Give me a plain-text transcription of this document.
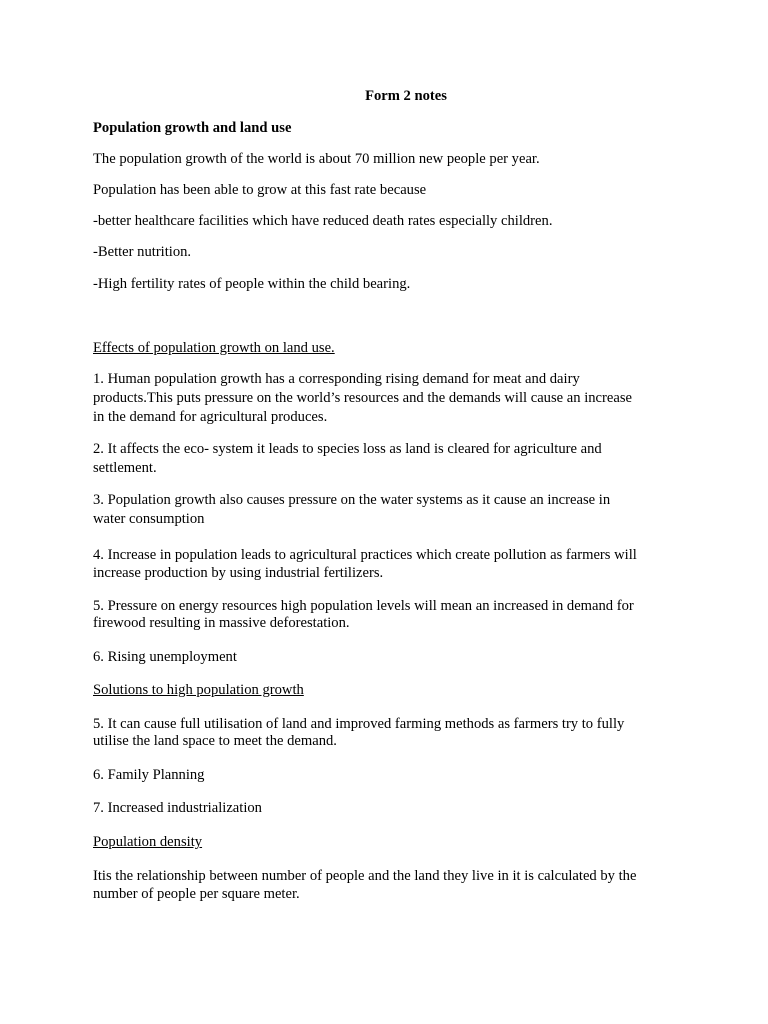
Form 2 notes

Population growth and land use

The population growth of the world is about 70 million new people per year.

Population has been able to grow at this fast rate because

-better healthcare facilities which have reduced death rates especially children.

-Better nutrition.

-High fertility rates of people within the child bearing.

Effects of population growth on land use.

1. Human population growth has a corresponding rising demand for meat and dairy

products.This puts pressure on the world’s resources and the demands will cause an increase

in the demand for agricultural produces.

2. It affects the eco- system it leads to species loss as land is cleared for agriculture and

settlement.

3. Population growth also causes pressure on the water systems as it cause an increase in

water consumption

4. Increase in population leads to agricultural practices which create pollution as farmers will

increase production by using industrial fertilizers.

5. Pressure on energy resources high population levels will mean an increased in demand for

firewood resulting in massive deforestation.

6. Rising unemployment

Solutions to high population growth

5. It can cause full utilisation of land and improved farming methods as farmers try to fully

utilise the land space to meet the demand.

6. Family Planning

7. Increased industrialization

Population density

Itis the relationship between number of people and the land they live in it is calculated by the

number of people per square meter.
